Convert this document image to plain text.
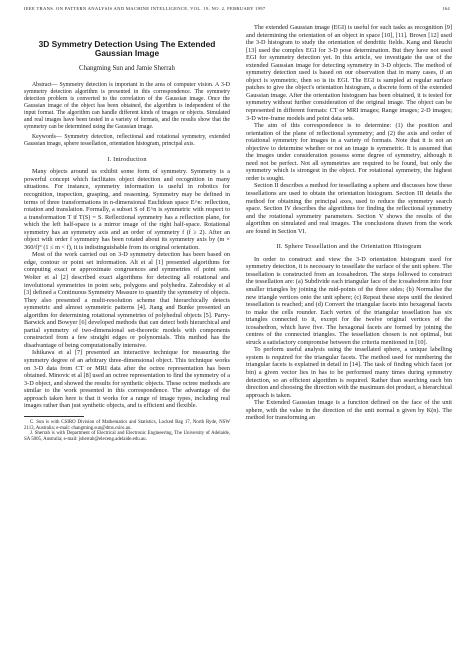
IEEE TRANS. ON PATTERN ANALYSIS AND MACHINE INTELLIGENCE, VOL. 19, NO. 2, FEBRUARY 1997	164
3D Symmetry Detection Using The Extended Gaussian Image
Changming Sun and Jamie Sherrah

Abstract— Symmetry detection is important in the area of computer vision. A 3-D symmetry detection algorithm is presented in this correspondence. The symmetry detection problem is converted to the correlation of the Gaussian image. Once the Gaussian image of the object has been obtained, the algorithm is independent of the input format. The algorithm can handle different kinds of images or objects. Simulated and real images have been tested in a variety of formats, and the results show that the symmetry can be determined using the Gaussian image.

Keywords— Symmetry detection, reflectional and rotational symmetry, extended Gaussian image, sphere tessellation, orientation histogram, principal axis.

I. Introduction

Many objects around us exhibit some form of symmetry. Symmetry is a powerful concept which facilitates object detection and recognition in many situations. For instance, symmetry information is useful in robotics for recognition, inspection, grasping, and reasoning. Symmetry may be defined in terms of three transformations in n-dimensional Euclidean space E^n: reflection, rotation and translation. Formally, a subset S of E^n is symmetric with respect to a transformation T if T(S) = S. Reflectional symmetry has a reflection plane, for which the left half-space is a mirror image of the right half-space. Rotational symmetry has an symmetry axis and an order of symmetry f (f ≥ 2). After an object with order f symmetry has been rotated about its symmetry axis by (m × 360/f)° (1 ≤ m < f), it is indistinguishable from its original orientation.

Most of the work carried out on 3-D symmetry detection has been based on edge, contour or point set information. Alt et al [1] presented algorithms for computing exact or approximate congruences and symmetries of point sets. Wolter et al [2] described exact algorithms for detecting all rotational and involutional symmetries in point sets, polygons and polyhedra. Zabrodsky et al [3] defined a Continuous Symmetry Measure to quantify the symmetry of objects. They also presented a multi-resolution scheme that hierarchically detects symmetric and almost symmetric patterns [4]. Jiang and Bunke presented an algorithm for determining rotational symmetries of polyhedral objects [5]. Parry-Barwick and Bowyer [6] developed methods that can detect both hierarchical and partial symmetry of two-dimensional set-theoretic models with components constructed from a few straight edges or polynomials. This method has the disadvantage of being computationally intensive.

Ishikawa et al [7] presented an interactive technique for measuring the symmetry degree of an arbitrary three-dimensional object. This technique works on 3-D data from CT or MRI data after the octree representation has been obtained. Minovic et al [8] used an octree representation to find the symmetry of a 3-D object, and showed the results for synthetic objects. These octree methods are similar to the work presented in this correspondence. The advantage of the approach taken here is that it works for a range of image types, including real images rather than just synthetic objects, and is efficient and flexible.

C. Sun is with CSIRO Division of Mathematics and Statistics, Locked Bag 17, North Ryde, NSW 2113, Australia; e-mail: changming.sun@dms.csiro.au.

J. Sherrah is with Department of Electrical and Electronic Engineering, The University of Adelaide, SA 5005, Australia; e-mail: jsherrah@eleceng.adelaide.edu.au.

The extended Gaussian image (EGI) is useful for such tasks as recognition [9] and determining the orientation of an object in space [10], [11]. Brown [12] used the 3-D histogram to study the orientation of dendritic fields. Kang and Ikeuchi [13] used the complex EGI for 3-D pose determination. But they have not used EGI for symmetry detection yet. In this article, we investigate the use of the extended Gaussian image for detecting symmetry in 3-D objects. The method of symmetry detection used is based on our observation that in many cases, if an object is symmetric, then so is its EGI. The EGI is sampled at regular surface patches to give the object's orientation histogram, a discrete form of the extended Gaussian image. After the orientation histogram has been obtained, it is tested for symmetry without further consideration of the original image. The object can be represented in different formats: CT or MRI images; Range images; 2-D images; 3-D wire-frame models and point data sets.

The aim of this correspondence is to determine: (1) the position and orientation of the plane of reflectional symmetry; and (2) the axis and order of rotational symmetry for images in a variety of formats. Note that it is not an objective to determine whether or not an image is symmetric. It is assumed that the images under consideration possess some degree of symmetry, although it need not be perfect. Not all symmetries are required to be found, but only the symmetry which is strongest in the object. For rotational symmetry, the highest order is sought.

Section II describes a method for tessellating a sphere and discusses how these tessellations are used to obtain the orientation histogram. Section III details the method for obtaining the principal axes, used to reduce the symmetry search space. Section IV describes the algorithms for finding the reflectional symmetry and the rotational symmetry parameters. Section V shows the results of the algorithm on simulated and real images. The conclusions drawn from the work are found in Section VI.

II. Sphere Tessellation and the Orientation Histogram

In order to construct and view the 3-D orientation histogram used for symmetry detection, it is necessary to tessellate the surface of the unit sphere. The tessellation is constructed from an icosahedron. The steps followed to construct the tessellation are: (a) Subdivide each triangular face of the icosahedron into four smaller triangles by joining the mid-points of the three sides; (b) Normalise the new triangle vertices onto the unit sphere; (c) Repeat these steps until the desired tessellation is reached; and (d) Convert the triangular facets into hexagonal facets to make the cells rounder. Each vertex of the triangular tessellation has six triangles connected to it, except for the twelve original vertices of the icosahedron, which have five. The hexagonal facets are formed by joining the centres of the connected triangles. The tessellation chosen is not optimal, but struck a satisfactory compromise between the criteria mentioned in [10].

To perform useful analysis using the tessellated sphere, a unique labelling system is required for the triangular facets. The method used for numbering the triangular facets is explained in detail in [14]. The task of finding which facet (or bin) a given vector lies in has to be performed many times during symmetry detection, so an efficient algorithm is required. Rather than searching each bin direction and choosing the direction with the maximum dot product, a hierarchical approach is taken.

The Extended Gaussian image is a function defined on the face of the unit sphere, with the value in the direction of the unit normal n given by K(n). The method for transforming an
